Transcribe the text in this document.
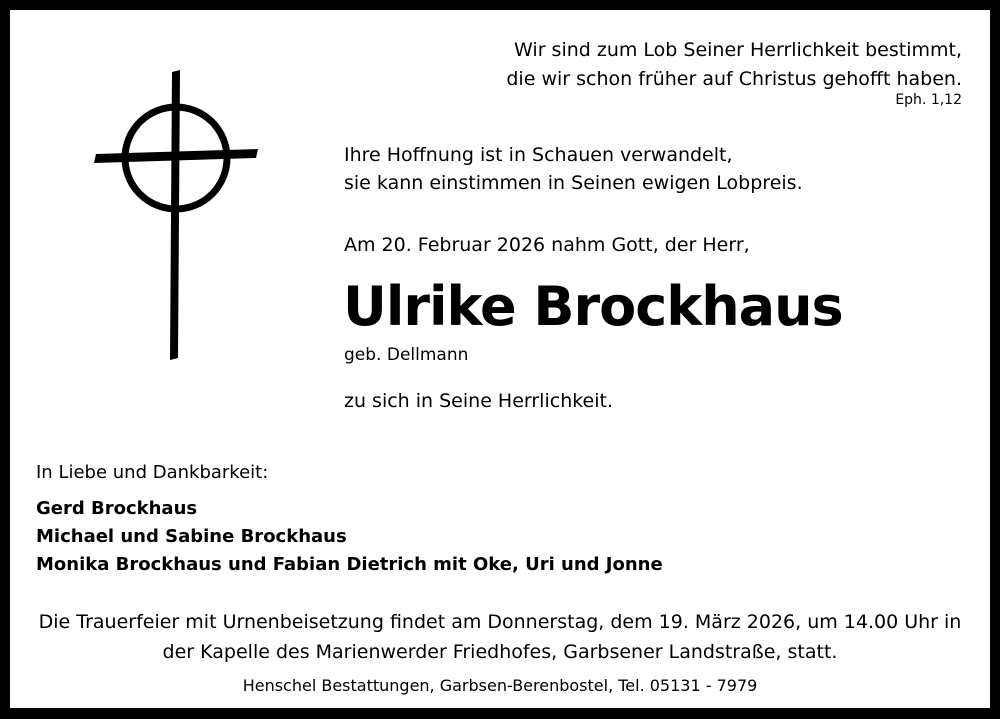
Wir sind zum Lob Seiner Herrlichkeit bestimmt,
die wir schon früher auf Christus gehofft haben.
Eph. 1,12
Ihre Hoffnung ist in Schauen verwandelt,
sie kann einstimmen in Seinen ewigen Lobpreis.
Am 20. Februar 2026 nahm Gott, der Herr,
Ulrike Brockhaus
geb. Dellmann
zu sich in Seine Herrlichkeit.
In Liebe und Dankbarkeit:
Gerd Brockhaus
Michael und Sabine Brockhaus
Monika Brockhaus und Fabian Dietrich mit Oke, Uri und Jonne
Die Trauerfeier mit Urnenbeisetzung findet am Donnerstag, dem 19. März 2026, um 14.00 Uhr in
der Kapelle des Marienwerder Friedhofes, Garbsener Landstraße, statt.
Henschel Bestattungen, Garbsen-Berenbostel, Tel. 05131 - 7979
